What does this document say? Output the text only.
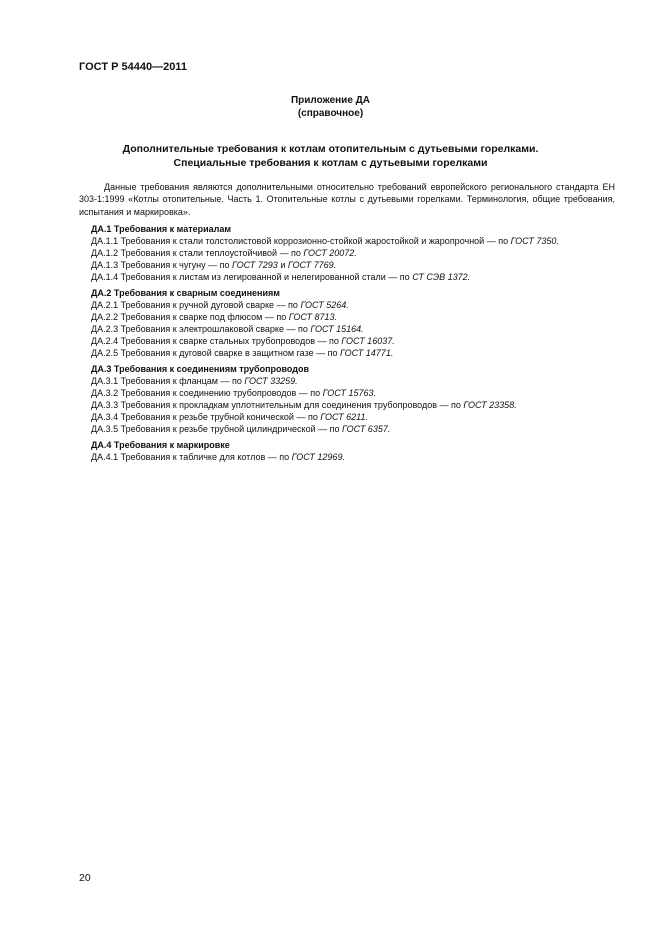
ГОСТ Р 54440—2011
Приложение ДА
(справочное)
Дополнительные требования к котлам отопительным с дутьевыми горелками.
Специальные требования к котлам с дутьевыми горелками

Данные требования являются дополнительными относительно требований европейского регионального стандарта ЕН 303-1:1999 «Котлы отопительные. Часть 1. Отопительные котлы с дутьевыми горелками. Терминология, общие требования, испытания и маркировка».

ДА.1 Требования к материалам

ДА.1.1 Требования к стали толстолистовой коррозионно-стойкой жаростойкой и жаропрочной — по ГОСТ 7350.

ДА.1.2 Требования к стали теплоустойчивой — по ГОСТ 20072.

ДА.1.3 Требования к чугуну — по ГОСТ 7293 и ГОСТ 7769.

ДА.1.4 Требования к листам из легированной и нелегированной стали — по СТ СЭВ 1372.

ДА.2 Требования к сварным соединениям

ДА.2.1 Требования к ручной дуговой сварке — по ГОСТ 5264.

ДА.2.2 Требования к сварке под флюсом — по ГОСТ 8713.

ДА.2.3 Требования к электрошлаковой сварке — по ГОСТ 15164.

ДА.2.4 Требования к сварке стальных трубопроводов — по ГОСТ 16037.

ДА.2.5 Требования к дуговой сварке в защитном газе — по ГОСТ 14771.

ДА.3 Требования к соединениям трубопроводов

ДА.3.1 Требования к фланцам — по ГОСТ 33259.

ДА.3.2 Требования к соединению трубопроводов — по ГОСТ 15763.

ДА.3.3 Требования к прокладкам уплотнительным для соединения трубопроводов — по ГОСТ 23358.

ДА.3.4 Требования к резьбе трубной конической — по ГОСТ 6211.

ДА.3.5 Требования к резьбе трубной цилиндрической — по ГОСТ 6357.

ДА.4 Требования к маркировке

ДА.4.1 Требования к табличке для котлов — по ГОСТ 12969.

20
